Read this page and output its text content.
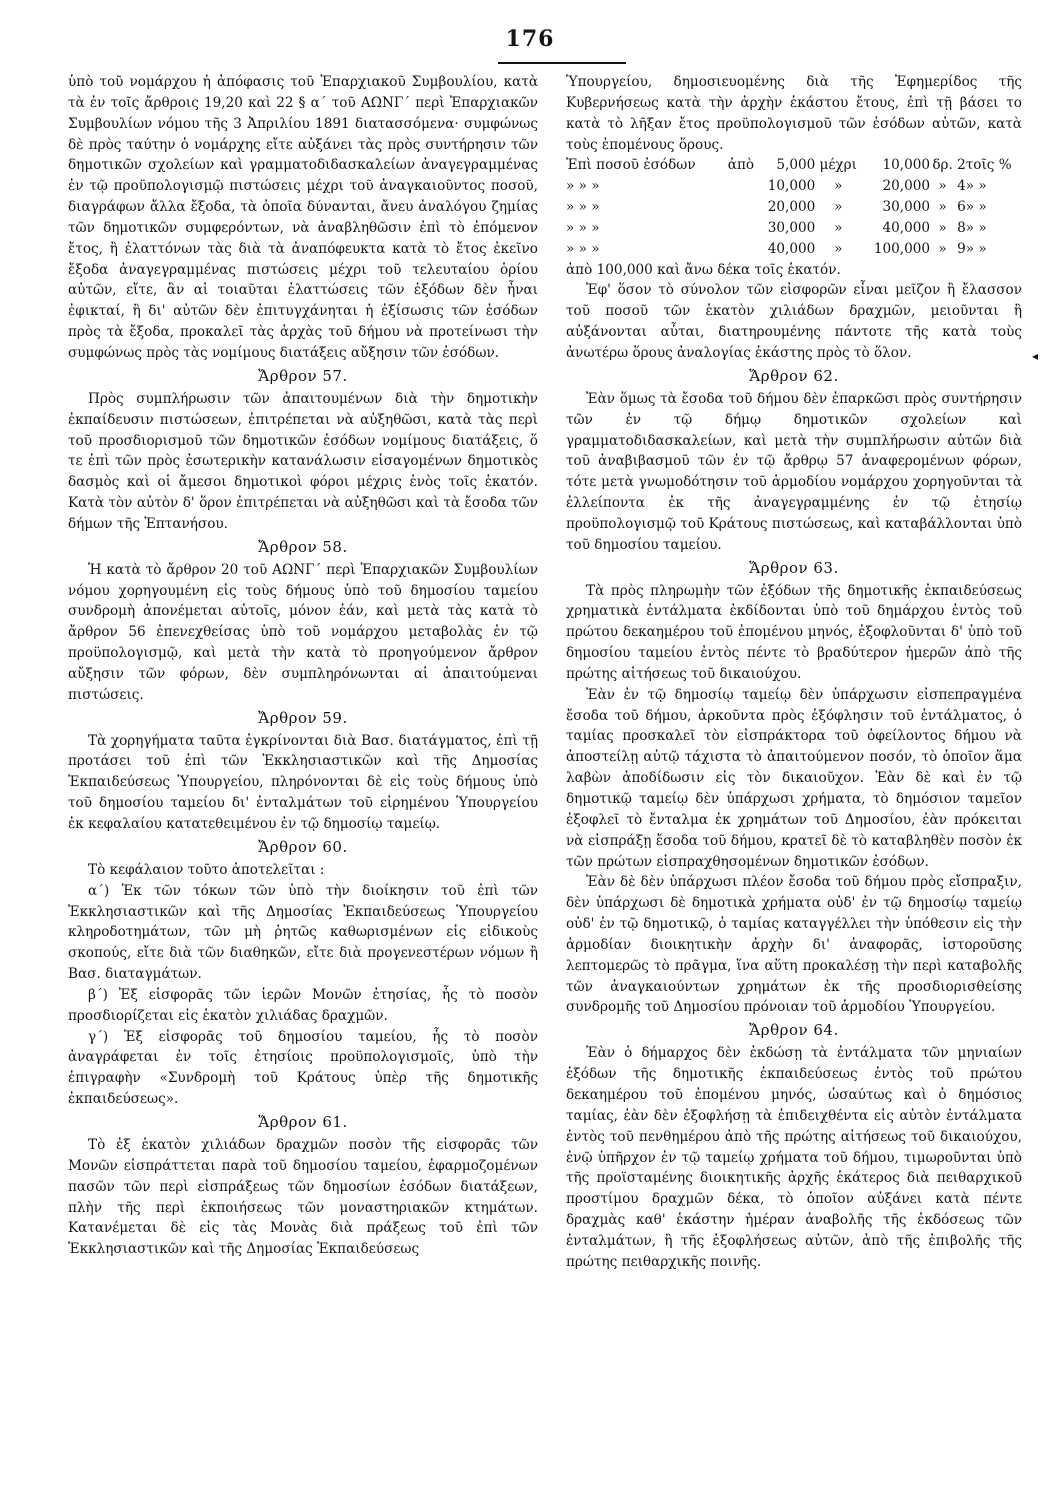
176

ὑπὸ τοῦ νομάρχου ἡ ἀπόφασις τοῦ Ἐπαρχιακοῦ Συμβουλίου, κατὰ τὰ ἐν τοῖς ἄρθροις 19,20 καὶ 22 § α΄ τοῦ ΑΩΝΓ΄ περὶ Ἐπαρχιακῶν Συμβουλίων νόμου τῆς 3 Ἀπριλίου 1891 διατασσόμενα· συμφώνως δὲ πρὸς ταύτην ὁ νομάρχης εἴτε αὐξάνει τὰς πρὸς συντήρησιν τῶν δημοτικῶν σχολείων καὶ γραμματοδιδασκαλείων ἀναγεγραμμένας ἐν τῷ προϋπολογισμῷ πιστώσεις μέχρι τοῦ ἀναγκαιοῦντος ποσοῦ, διαγράφων ἄλλα ἔξοδα, τὰ ὁποῖα δύνανται, ἄνευ ἀναλόγου ζημίας τῶν δημοτικῶν συμφερόντων, νὰ ἀναβληθῶσιν ἐπὶ τὸ ἐπόμενον ἔτος, ἢ ἐλαττόνων τὰς διὰ τὰ ἀναπόφευκτα κατὰ τὸ ἔτος ἐκεῖνο ἔξοδα ἀναγεγραμμένας πιστώσεις μέχρι τοῦ τελευταίου ὁρίου αὐτῶν, εἴτε, ἂν αἱ τοιαῦται ἐλαττώσεις τῶν ἐξόδων δὲν ἦναι ἐφικταί, ἢ δι' αὐτῶν δὲν ἐπιτυγχάνηται ἡ ἐξίσωσις τῶν ἐσόδων πρὸς τὰ ἔξοδα, προκαλεῖ τὰς ἀρχὰς τοῦ δήμου νὰ προτείνωσι τὴν συμφώνως πρὸς τὰς νομίμους διατάξεις αὔξησιν τῶν ἐσόδων.

Ἄρθρον 57.

Πρὸς συμπλήρωσιν τῶν ἀπαιτουμένων διὰ τὴν δημοτικὴν ἐκπαίδευσιν πιστώσεων, ἐπιτρέπεται νὰ αὐξηθῶσι, κατὰ τὰς περὶ τοῦ προσδιορισμοῦ τῶν δημοτικῶν ἐσόδων νομίμους διατάξεις, ὅ τε ἐπὶ τῶν πρὸς ἐσωτερικὴν κατανάλωσιν εἰσαγομένων δημοτικὸς δασμὸς καὶ οἱ ἄμεσοι δημοτικοὶ φόροι μέχρις ἑνὸς τοῖς ἑκατόν. Κατὰ τὸν αὐτὸν δ' ὅρον ἐπιτρέπεται νὰ αὐξηθῶσι καὶ τὰ ἔσοδα τῶν δήμων τῆς Ἑπτανήσου.

Ἄρθρον 58.

Ἡ κατὰ τὸ ἄρθρον 20 τοῦ ΑΩΝΓ΄ περὶ Ἐπαρχιακῶν Συμβουλίων νόμου χορηγουμένη εἰς τοὺς δήμους ὑπὸ τοῦ δημοσίου ταμείου συνδρομὴ ἀπονέμεται αὐτοῖς, μόνον ἐάν, καὶ μετὰ τὰς κατὰ τὸ ἄρθρον 56 ἐπενεχθείσας ὑπὸ τοῦ νομάρχου μεταβολὰς ἐν τῷ προϋπολογισμῷ, καὶ μετὰ τὴν κατὰ τὸ προηγούμενον ἄρθρον αὔξησιν τῶν φόρων, δὲν συμπληρόνωνται αἱ ἀπαιτούμεναι πιστώσεις.

Ἄρθρον 59.

Τὰ χορηγήματα ταῦτα ἐγκρίνονται διὰ Βασ. διατάγματος, ἐπὶ τῇ προτάσει τοῦ ἐπὶ τῶν Ἐκκλησιαστικῶν καὶ τῆς Δημοσίας Ἐκπαιδεύσεως Ὑπουργείου, πληρόνονται δὲ εἰς τοὺς δήμους ὑπὸ τοῦ δημοσίου ταμείου δι' ἐνταλμάτων τοῦ εἰρημένου Ὑπουργείου ἐκ κεφαλαίου κατατεθειμένου ἐν τῷ δημοσίῳ ταμείῳ.

Ἄρθρον 60.

Τὸ κεφάλαιον τοῦτο ἀποτελεῖται :

α΄) Ἐκ τῶν τόκων τῶν ὑπὸ τὴν διοίκησιν τοῦ ἐπὶ τῶν Ἐκκλησιαστικῶν καὶ τῆς Δημοσίας Ἐκπαιδεύσεως Ὑπουργείου κληροδοτημάτων, τῶν μὴ ῥητῶς καθωρισμένων εἰς εἰδικοὺς σκοπούς, εἴτε διὰ τῶν διαθηκῶν, εἴτε διὰ προγενεστέρων νόμων ἢ Βασ. διαταγμάτων.

β΄) Ἐξ εἰσφορᾶς τῶν ἱερῶν Μονῶν ἐτησίας, ἧς τὸ ποσὸν προσδιορίζεται εἰς ἑκατὸν χιλιάδας δραχμῶν.

γ΄) Ἐξ εἰσφορᾶς τοῦ δημοσίου ταμείου, ἧς τὸ ποσὸν ἀναγράφεται ἐν τοῖς ἐτησίοις προϋπολογισμοῖς, ὑπὸ τὴν ἐπιγραφὴν «Συνδρομὴ τοῦ Κράτους ὑπὲρ τῆς δημοτικῆς ἐκπαιδεύσεως».

Ἄρθρον 61.

Τὸ ἐξ ἑκατὸν χιλιάδων δραχμῶν ποσὸν τῆς εἰσφορᾶς τῶν Μονῶν εἰσπράττεται παρὰ τοῦ δημοσίου ταμείου, ἐφαρμοζομένων πασῶν τῶν περὶ εἰσπράξεως τῶν δημοσίων ἐσόδων διατάξεων, πλὴν τῆς περὶ ἐκποιήσεως τῶν μοναστηριακῶν κτημάτων. Κατανέμεται δὲ εἰς τὰς Μονὰς διὰ πράξεως τοῦ ἐπὶ τῶν Ἐκκλησιαστικῶν καὶ τῆς Δημοσίας Ἐκπαιδεύσεως

Ὑπουργείου, δημοσιευομένης διὰ τῆς Ἐφημερίδος τῆς Κυβερνήσεως κατὰ τὴν ἀρχὴν ἑκάστου ἔτους, ἐπὶ τῇ βάσει το κατὰ τὸ λῆξαν ἔτος προϋπολογισμοῦ τῶν ἐσόδων αὐτῶν, κατὰ τοὺς ἑπομένους ὅρους.

Ἐπὶ ποσοῦ ἐσόδων	ἀπὸ	5,000	μέχρι	10,000	δρ.	2	τοῖς %
» » »		10,000	»	20,000	»	4	» »
» » »		20,000	»	30,000	»	6	» »
» » »		30,000	»	40,000	»	8	» »
» » »		40,000	»	100,000	»	9	» »

ἀπὸ 100,000 καὶ ἄνω δέκα τοῖς ἑκατόν.

Ἐφ' ὅσον τὸ σύνολον τῶν εἰσφορῶν εἶναι μεῖζον ἢ ἔλασσον τοῦ ποσοῦ τῶν ἑκατὸν χιλιάδων δραχμῶν, μειοῦνται ἢ αὐξάνονται αὗται, διατηρουμένης πάντοτε τῆς κατὰ τοὺς ἀνωτέρω ὅρους ἀναλογίας ἑκάστης πρὸς τὸ ὅλον.

Ἄρθρον 62.

Ἐὰν ὅμως τὰ ἔσοδα τοῦ δήμου δὲν ἐπαρκῶσι πρὸς συντήρησιν τῶν ἐν τῷ δήμῳ δημοτικῶν σχολείων καὶ γραμματοδιδασκαλείων, καὶ μετὰ τὴν συμπλήρωσιν αὐτῶν διὰ τοῦ ἀναβιβασμοῦ τῶν ἐν τῷ ἄρθρῳ 57 ἀναφερομένων φόρων, τότε μετὰ γνωμοδότησιν τοῦ ἁρμοδίου νομάρχου χορηγοῦνται τὰ ἐλλείποντα ἐκ τῆς ἀναγεγραμμένης ἐν τῷ ἐτησίῳ προϋπολογισμῷ τοῦ Κράτους πιστώσεως, καὶ καταβάλλονται ὑπὸ τοῦ δημοσίου ταμείου.

Ἄρθρον 63.

Τὰ πρὸς πληρωμὴν τῶν ἐξόδων τῆς δημοτικῆς ἐκπαιδεύσεως χρηματικὰ ἐντάλματα ἐκδίδονται ὑπὸ τοῦ δημάρχου ἐντὸς τοῦ πρώτου δεκαημέρου τοῦ ἐπομένου μηνός, ἐξοφλοῦνται δ' ὑπὸ τοῦ δημοσίου ταμείου ἐντὸς πέντε τὸ βραδύτερον ἡμερῶν ἀπὸ τῆς πρώτης αἰτήσεως τοῦ δικαιούχου.

Ἐὰν ἐν τῷ δημοσίῳ ταμείῳ δὲν ὑπάρχωσιν εἰσπεπραγμένα ἔσοδα τοῦ δήμου, ἀρκοῦντα πρὸς ἐξόφλησιν τοῦ ἐντάλματος, ὁ ταμίας προσκαλεῖ τὸν εἰσπράκτορα τοῦ ὀφείλοντος δήμου νὰ ἀποστείλῃ αὐτῷ τάχιστα τὸ ἀπαιτούμενον ποσόν, τὸ ὁποῖον ἅμα λαβὼν ἀποδίδωσιν εἰς τὸν δικαιοῦχον. Ἐὰν δὲ καὶ ἐν τῷ δημοτικῷ ταμείῳ δὲν ὑπάρχωσι χρήματα, τὸ δημόσιον ταμεῖον ἐξοφλεῖ τὸ ἔνταλμα ἐκ χρημάτων τοῦ Δημοσίου, ἐὰν πρόκειται νὰ εἰσπράξῃ ἔσοδα τοῦ δήμου, κρατεῖ δὲ τὸ καταβληθὲν ποσὸν ἐκ τῶν πρώτων εἰσπραχθησομένων δημοτικῶν ἐσόδων.

Ἐὰν δὲ δὲν ὑπάρχωσι πλέον ἔσοδα τοῦ δήμου πρὸς εἴσπραξιν, δὲν ὑπάρχωσι δὲ δημοτικὰ χρήματα οὐδ' ἐν τῷ δημοσίῳ ταμείῳ οὐδ' ἐν τῷ δημοτικῷ, ὁ ταμίας καταγγέλλει τὴν ὑπόθεσιν εἰς τὴν ἁρμοδίαν διοικητικὴν ἀρχὴν δι' ἀναφορᾶς, ἱστοροῦσης λεπτομερῶς τὸ πρᾶγμα, ἵνα αὕτη προκαλέσῃ τὴν περὶ καταβολῆς τῶν ἀναγκαιούντων χρημάτων ἐκ τῆς προσδιορισθείσης συνδρομῆς τοῦ Δημοσίου πρόνοιαν τοῦ ἁρμοδίου Ὑπουργείου.

Ἄρθρον 64.

Ἐὰν ὁ δήμαρχος δὲν ἐκδώσῃ τὰ ἐντάλματα τῶν μηνιαίων ἐξόδων τῆς δημοτικῆς ἐκπαιδεύσεως ἐντὸς τοῦ πρώτου δεκαημέρου τοῦ ἐπομένου μηνός, ὡσαύτως καὶ ὁ δημόσιος ταμίας, ἐὰν δὲν ἐξοφλήσῃ τὰ ἐπιδειχθέντα εἰς αὐτὸν ἐντάλματα ἐντὸς τοῦ πενθημέρου ἀπὸ τῆς πρώτης αἰτήσεως τοῦ δικαιούχου, ἐνῷ ὑπῆρχον ἐν τῷ ταμείῳ χρήματα τοῦ δήμου, τιμωροῦνται ὑπὸ τῆς προϊσταμένης διοικητικῆς ἀρχῆς ἑκάτερος διὰ πειθαρχικοῦ προστίμου δραχμῶν δέκα, τὸ ὁποῖον αὐξάνει κατὰ πέντε δραχμὰς καθ' ἑκάστην ἡμέραν ἀναβολῆς τῆς ἐκδόσεως τῶν ἐνταλμάτων, ἢ τῆς ἐξοφλήσεως αὐτῶν, ἀπὸ τῆς ἐπιβολῆς τῆς πρώτης πειθαρχικῆς ποινῆς.

◂
